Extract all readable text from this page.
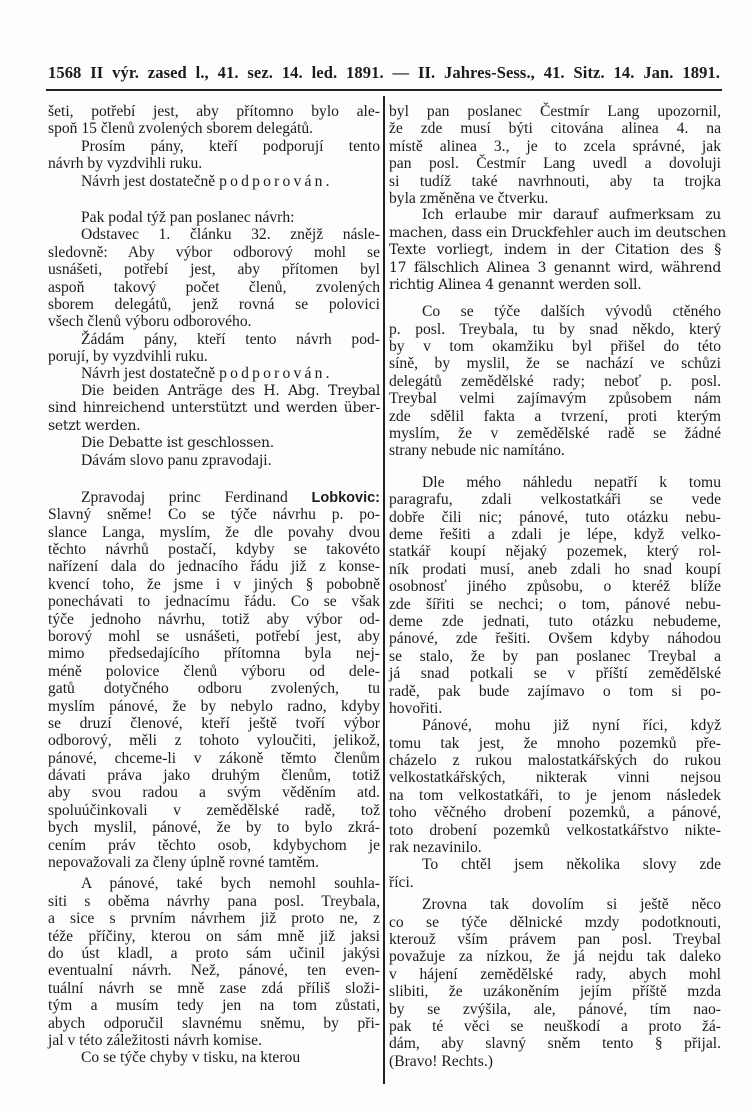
1568 II výr. zased l., 41. sez. 14. led. 1891. — II. Jahres-Sess., 41. Sitz. 14. Jan. 1891.
šeti, potřebí jest, aby přítomno bylo ale-
spoň 15 členů zvolených sborem delegátů.
Prosím pány, kteří podporují tento
návrh by vyzdvihli ruku.
Návrh jest dostatečně podporován.
Pak podal týž pan poslanec návrh:
Odstavec 1. článku 32. znějž násle-
sledovně: Aby výbor odborový mohl se
usnášeti, potřebí jest, aby přítomen byl
aspoň takový počet členů, zvolených
sborem delegátů, jenž rovná se polovici
všech členů výboru odborového.
Žádám pány, kteří tento návrh pod-
porují, by vyzdvihli ruku.
Návrh jest dostatečně podporován.
Die beiden Anträge des H. Abg. Treybal
sind hinreichend unterstützt und werden über-
setzt werden.
Die Debatte ist geschlossen.
Dávám slovo panu zpravodaji.
Zpravodaj princ Ferdinand Lobkovic:
Slavný sněme! Co se týče návrhu p. po-
slance Langa, myslím, že dle povahy dvou
těchto návrhů postačí, kdyby se takovéto
nařízení dala do jednacího řádu již z konse-
kvencí toho, že jsme i v jiných § pobobně
ponechávati to jednacímu řádu. Co se však
týče jednoho návrhu, totiž aby výbor od-
borový mohl se usnášeti, potřebí jest, aby
mimo předsedajícího přítomna byla nej-
méně polovice členů výboru od dele-
gatů dotyčného odboru zvolených, tu
myslím pánové, že by nebylo radno, kdyby
se druzí členové, kteří ještě tvoří výbor
odborový, měli z tohoto vyloučiti, jelikož,
pánové, chceme-li v zákoně těmto členům
dávati práva jako druhým členům, totiž
aby svou radou a svým věděním atd.
spoluúčinkovali v zemědělské radě, tož
bych myslil, pánové, že by to bylo zkrá-
cením práv těchto osob, kdybychom je
nepovažovali za členy úplně rovné tamtěm.
A pánové, také bych nemohl souhla-
siti s oběma návrhy pana posl. Treybala,
a sice s prvním návrhem již proto ne, z
téže příčiny, kterou on sám mně již jaksi
do úst kladl, a proto sám učinil jakýsi
eventualní návrh. Než, pánové, ten even-
tuální návrh se mně zase zdá příliš složi-
tým a musím tedy jen na tom zůstati,
abych odporučil slavnému sněmu, by při-
jal v této záležitosti návrh komise.
Co se týče chyby v tisku, na kterou
byl pan poslanec Čestmír Lang upozornil,
že zde musí býti citována alinea 4. na
místě alinea 3., je to zcela správné, jak
pan posl. Čestmír Lang uvedl a dovoluji
si tudíž také navrhnouti, aby ta trojka
byla změněna ve čtverku.
Ich erlaube mir darauf aufmerksam zu
machen, dass ein Druckfehler auch im deutschen
Texte vorliegt, indem in der Citation des §
17 fälschlich Alinea 3 genannt wird, während
richtig Alinea 4 genannt werden soll.
Co se týče dalších vývodů ctěného
p. posl. Treybala, tu by snad někdo, který
by v tom okamžiku byl přišel do této
síně, by myslil, že se nachází ve schůzi
delegátů zemědělské rady; neboť p. posl.
Treybal velmi zajímavým způsobem nám
zde sdělil fakta a tvrzení, proti kterým
myslím, že v zemědělské radě se žádné
strany nebude nic namítáno.
Dle mého náhledu nepatří k tomu
paragrafu, zdali velkostatkáři se vede
dobře čili nic; pánové, tuto otázku nebu-
deme řešiti a zdali je lépe, když velko-
statkář koupí nějaký pozemek, který rol-
ník prodati musí, aneb zdali ho snad koupí
osobnosť jiného způsobu, o kteréž blíže
zde šířiti se nechci; o tom, pánové nebu-
deme zde jednati, tuto otázku nebudeme,
pánové, zde řešiti. Ovšem kdyby náhodou
se stalo, že by pan poslanec Treybal a
já snad potkali se v příští zemědělské
radě, pak bude zajímavo o tom si po-
hovořiti.
Pánové, mohu již nyní říci, když
tomu tak jest, že mnoho pozemků pře-
cházelo z rukou malostatkářských do rukou
velkostatkářských, nikterak vinni nejsou
na tom velkostatkáři, to je jenom následek
toho věčného drobení pozemků, a pánové,
toto drobení pozemků velkostatkářstvo nikte-
rak nezavinilo.
To chtěl jsem několika slovy zde
říci.
Zrovna tak dovolím si ještě něco
co se týče dělnické mzdy podotknouti,
kterouž vším právem pan posl. Treybal
považuje za nízkou, že já nejdu tak daleko
v hájení zemědělské rady, abych mohl
slibiti, že uzákoněním jejím příště mzda
by se zvýšila, ale, pánové, tím nao-
pak té věci se neuškodí a proto žá-
dám, aby slavný sněm tento § přijal.
(Bravo! Rechts.)
